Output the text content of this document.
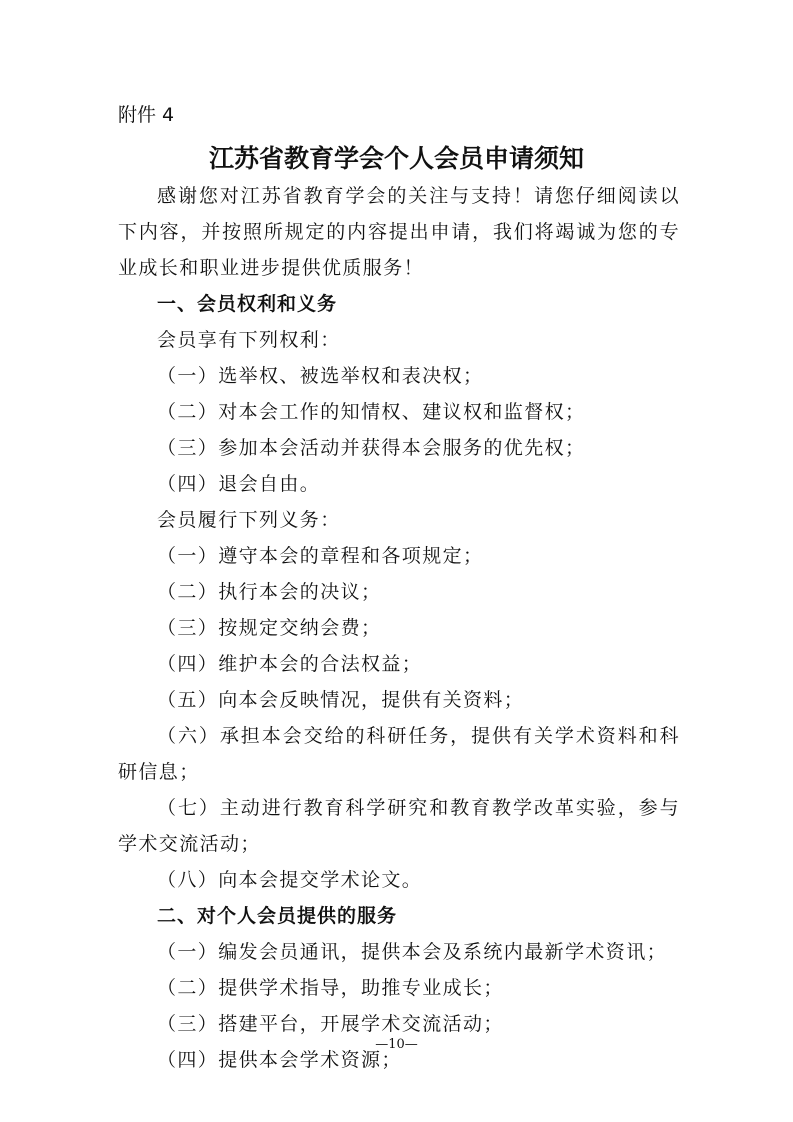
附件 4
江苏省教育学会个人会员申请须知

感谢您对江苏省教育学会的关注与支持！请您仔细阅读以下内容，并按照所规定的内容提出申请，我们将竭诚为您的专业成长和职业进步提供优质服务！

一、会员权利和义务

会员享有下列权利：

（一）选举权、被选举权和表决权；

（二）对本会工作的知情权、建议权和监督权；

（三）参加本会活动并获得本会服务的优先权；

（四）退会自由。

会员履行下列义务：

（一）遵守本会的章程和各项规定；

（二）执行本会的决议；

（三）按规定交纳会费；

（四）维护本会的合法权益；

（五）向本会反映情况，提供有关资料；

（六）承担本会交给的科研任务，提供有关学术资料和科研信息；

（七）主动进行教育科学研究和教育教学改革实验，参与学术交流活动；

（八）向本会提交学术论文。

二、对个人会员提供的服务

（一）编发会员通讯，提供本会及系统内最新学术资讯；

（二）提供学术指导，助推专业成长；

（三）搭建平台，开展学术交流活动；

（四）提供本会学术资源；

—10—
